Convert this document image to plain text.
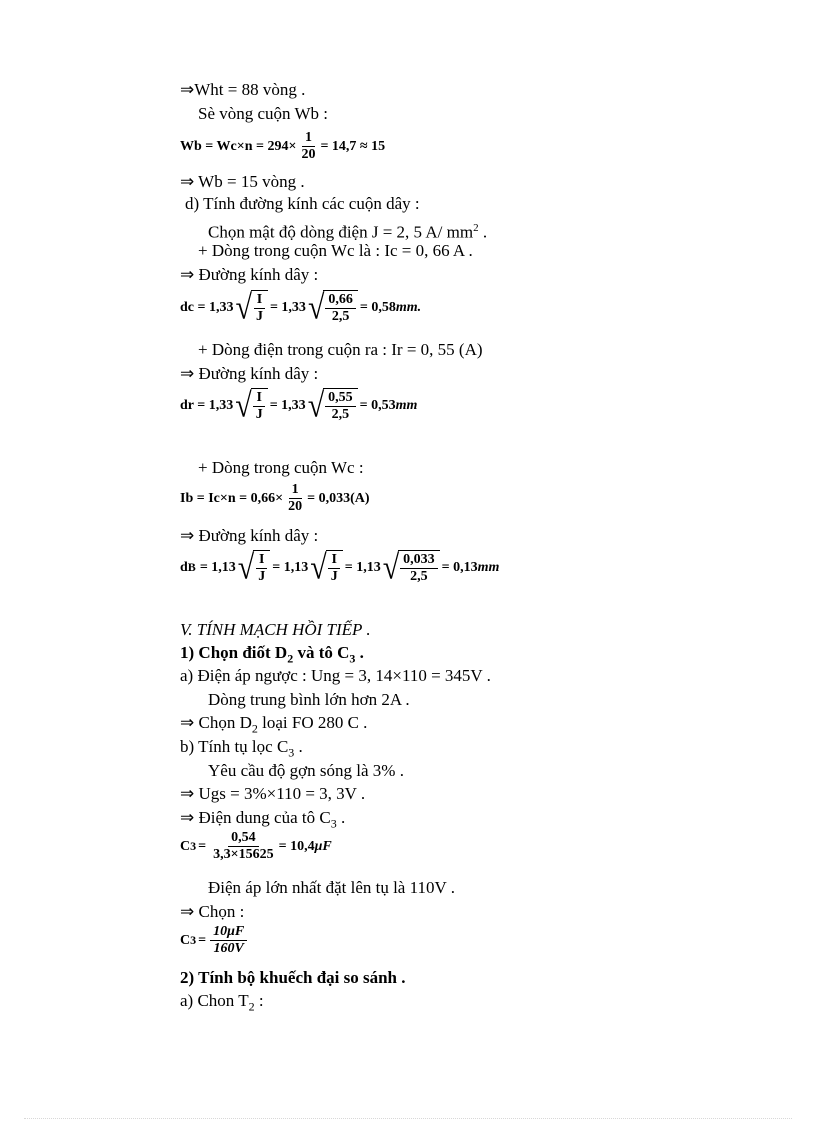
⇒Wht = 88 vòng .
Sè vòng cuộn Wb :
$Wb = Wc\times n = 294\times \frac{1}{20} = 14,7 \approx 15$
⇒ Wb = 15 vòng .
d) Tính đường kính các cuộn dây :
Chọn mật độ dòng điện J = 2, 5 A/ $mm^2$ .
+ Dòng trong cuộn Wc là : Ic = 0, 66 A .
⇒ Đường kính dây :
dc = 1,33 √ $\frac{I}{J} = 1,33$ √ $\frac{0,66}{2,5} = 0,58$ mm.
+ Dòng điện trong cuộn ra : Ir = 0, 55 (A)
⇒ Đường kính dây :
dr = 1,33 √ $\frac{I}{J} = 1,33$ √ $\frac{0,55}{2,5} = 0,53$ mm
+ Dòng trong cuộn Wc :
$Ib = Ic\times n = 0,66\times \frac{1}{20} = 0,033(A)$
⇒ Đường kính dây :
d B = 1,13 √ $\frac{I}{J} = 1,13$ √ $\frac{I}{J} = 1,13$ √ $\frac{0,033}{2,5} = 0,13$ mm
V. TÍNH MẠCH HỒI TIẾP .
1) Chọn điốt $D_2$ và tô $C_3$ .
a) Điện áp ngược : Ung = 3, 14×110 = 345V .
Dòng trung bình lớn hơn 2A .
⇒ Chọn $D_2$ loại FO 280 C .
b) Tính tụ lọc $C_3$ .
Yêu cầu độ gợn sóng là 3% .
⇒ Ugs = 3%×110 = 3, 3V .
⇒ Điện dung của tô $C_3$ .
C $3 = \frac{0,54}{3,3\times 15625} = 10,4$ μF
Điện áp lớn nhất đặt lên tụ là 110V .
⇒ Chọn :
C $3 = \frac{10\mu F}{160V}$
2) Tính bộ khuếch đại so sánh .
a) Chon $T_2$ :
